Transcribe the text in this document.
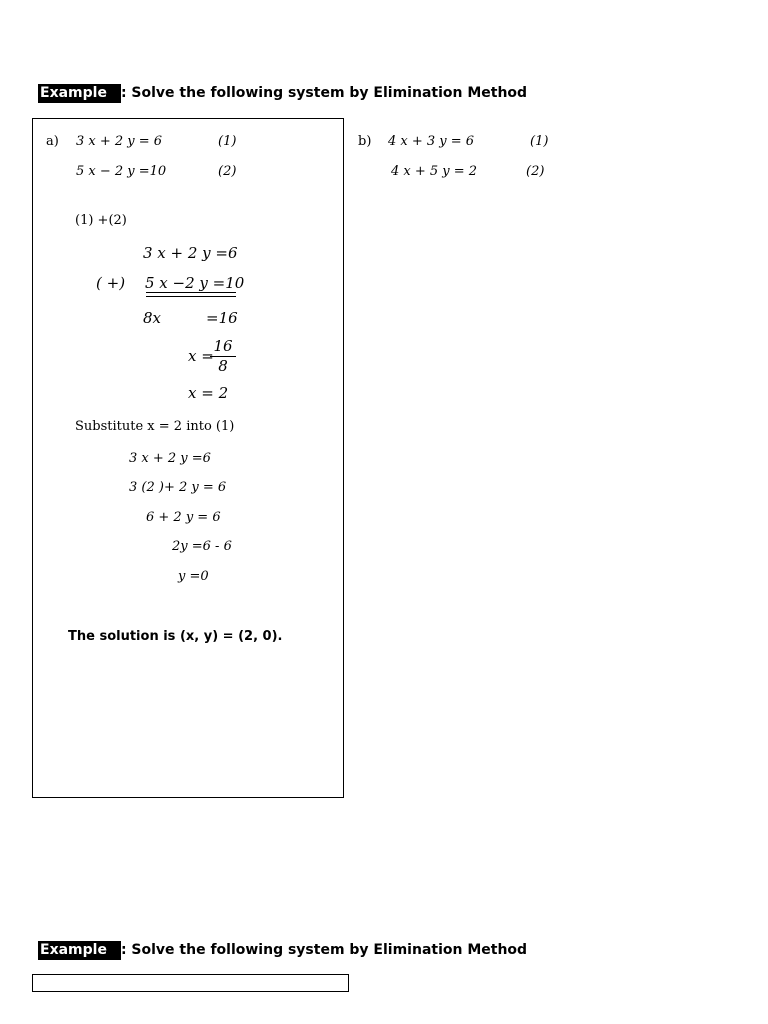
Example : Solve the following system by Elimination Method
a) 3 x + 2 y = 6	(1)
5 x − 2 y =10	(2)
(1) +(2)
3 x + 2 y =6
( +) 5 x −2 y =10
8x	=16
x =
16
8
x = 2
Substitute x = 2 into (1)
3 x + 2 y =6
3 (2 )+ 2 y = 6
6 + 2 y = 6
2y =6 - 6
y =0
The solution is (x, y) = (2, 0).
b) 4 x + 3 y = 6	(1)
4 x + 5 y = 2	(2)
Example : Solve the following system by Elimination Method
